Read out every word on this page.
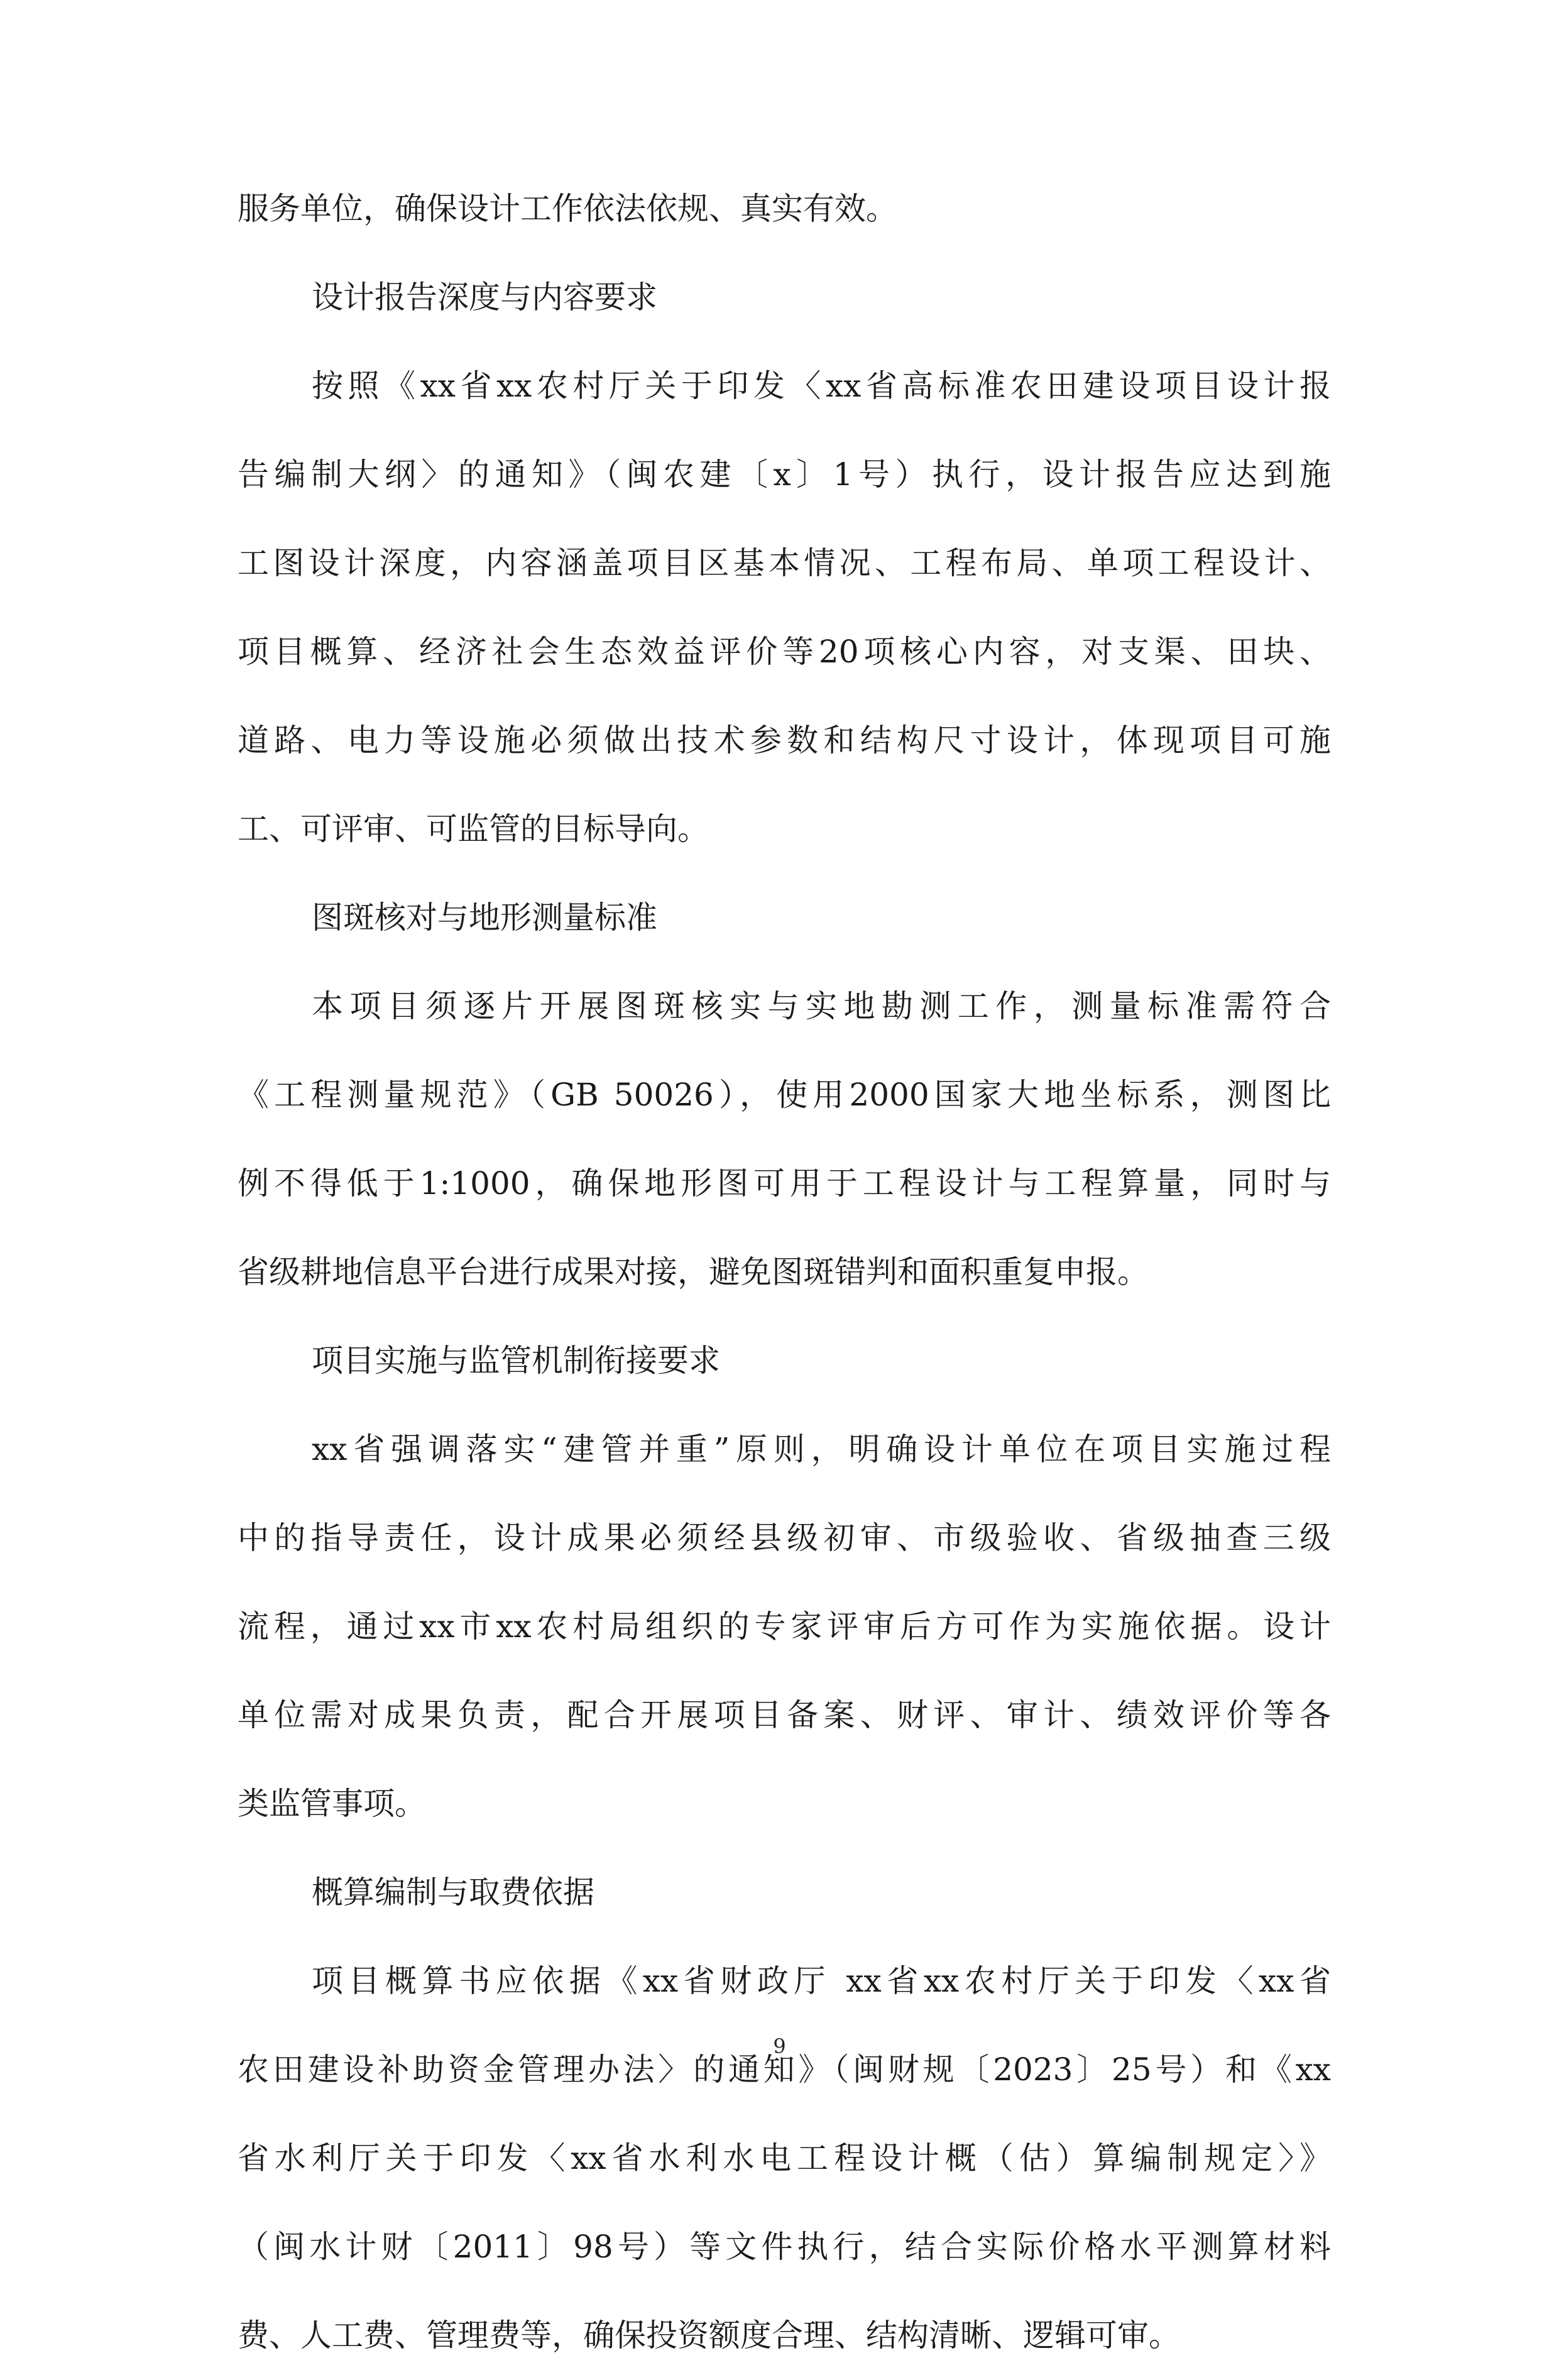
服务单位，确保设计工作依法依规、真实有效。
设计报告深度与内容要求
按照《xx省xx农村厅关于印发〈xx省高标准农田建设项目设计报
告编制大纲〉的通知》（闽农建〔x〕1号）执行，设计报告应达到施
工图设计深度，内容涵盖项目区基本情况、工程布局、单项工程设计、
项目概算、经济社会生态效益评价等20项核心内容，对支渠、田块、
道路、电力等设施必须做出技术参数和结构尺寸设计，体现项目可施
工、可评审、可监管的目标导向。
图斑核对与地形测量标准
本项目须逐片开展图斑核实与实地勘测工作，测量标准需符合
《工程测量规范》（GB 50026），使用2000国家大地坐标系，测图比
例不得低于1:1000，确保地形图可用于工程设计与工程算量，同时与
省级耕地信息平台进行成果对接，避免图斑错判和面积重复申报。
项目实施与监管机制衔接要求
xx省强调落实“建管并重”原则，明确设计单位在项目实施过程
中的指导责任，设计成果必须经县级初审、市级验收、省级抽查三级
流程，通过xx市xx农村局组织的专家评审后方可作为实施依据。设计
单位需对成果负责，配合开展项目备案、财评、审计、绩效评价等各
类监管事项。
概算编制与取费依据
项目概算书应依据《xx省财政厅 xx省xx农村厅关于印发〈xx省
农田建设补助资金管理办法〉的通知》（闽财规〔2023〕25号）和《xx
省水利厅关于印发〈xx省水利水电工程设计概（估）算编制规定〉》
（闽水计财〔2011〕98号）等文件执行，结合实际价格水平测算材料
费、人工费、管理费等，确保投资额度合理、结构清晰、逻辑可审。
9
